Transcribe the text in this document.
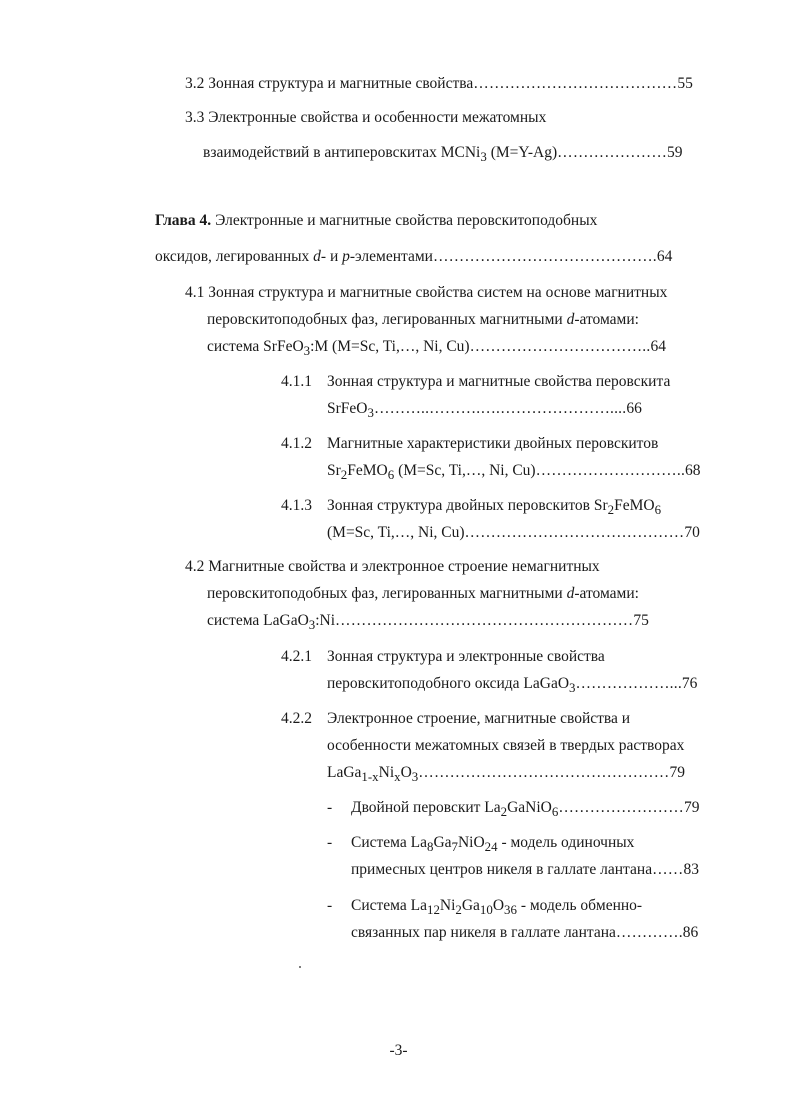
3.2 Зонная структура и магнитные свойства…………………………………55
3.3 Электронные свойства и особенности межатомных
взаимодействий в антиперовскитах MCNi$_3$ (M=Y-Ag)…………………59
Глава 4. Электронные и магнитные свойства перовскитоподобных
оксидов, легированных d- и p-элементами…………………………………….64
4.1 Зонная структура и магнитные свойства систем на основе магнитных
перовскитоподобных фаз, легированных магнитными d-атомами:
система SrFeO$_3$:M (M=Sc, Ti,…, Ni, Cu)……………………………..64
4.1.1 Зонная структура и магнитные свойства перовскита
SrFeO$_3$………..……….….…………………....66
4.1.2 Магнитные характеристики двойных перовскитов
$Sr_2FeMO_6$ (M=Sc, Ti,…, Ni, Cu)………………………..68
4.1.3 Зонная структура двойных перовскитов $Sr_2FeMO_6$
(M=Sc, Ti,…, Ni, Cu)……………………………………70
4.2 Магнитные свойства и электронное строение немагнитных
перовскитоподобных фаз, легированных магнитными d-атомами:
система LaGaO$_3$:Ni…………………………………………………75
4.2.1 Зонная структура и электронные свойства
перовскитоподобного оксида LaGaO$_3$………………...76
4.2.2 Электронное строение, магнитные свойства и
особенности межатомных связей в твердых растворах
$LaGa_{1-x}Ni_xO_3\dots\dots\dots\dots\dots\dots\dots\dots\dots\dots\dots\dots\dots\dots\dots\dots 79$
- Двойной перовскит $La_2GaNiO_6\dots\dots\dots\dots\dots\dots\dots\dots 79$
- Система $La_8Ga_7NiO_{24}$ - модель одиночных
примесных центров никеля в галлате лантана……83
- Система $La_{12}Ni_2Ga_{10}O_{36}$ - модель обменно-
связанных пар никеля в галлате лантана………….86
-3-
